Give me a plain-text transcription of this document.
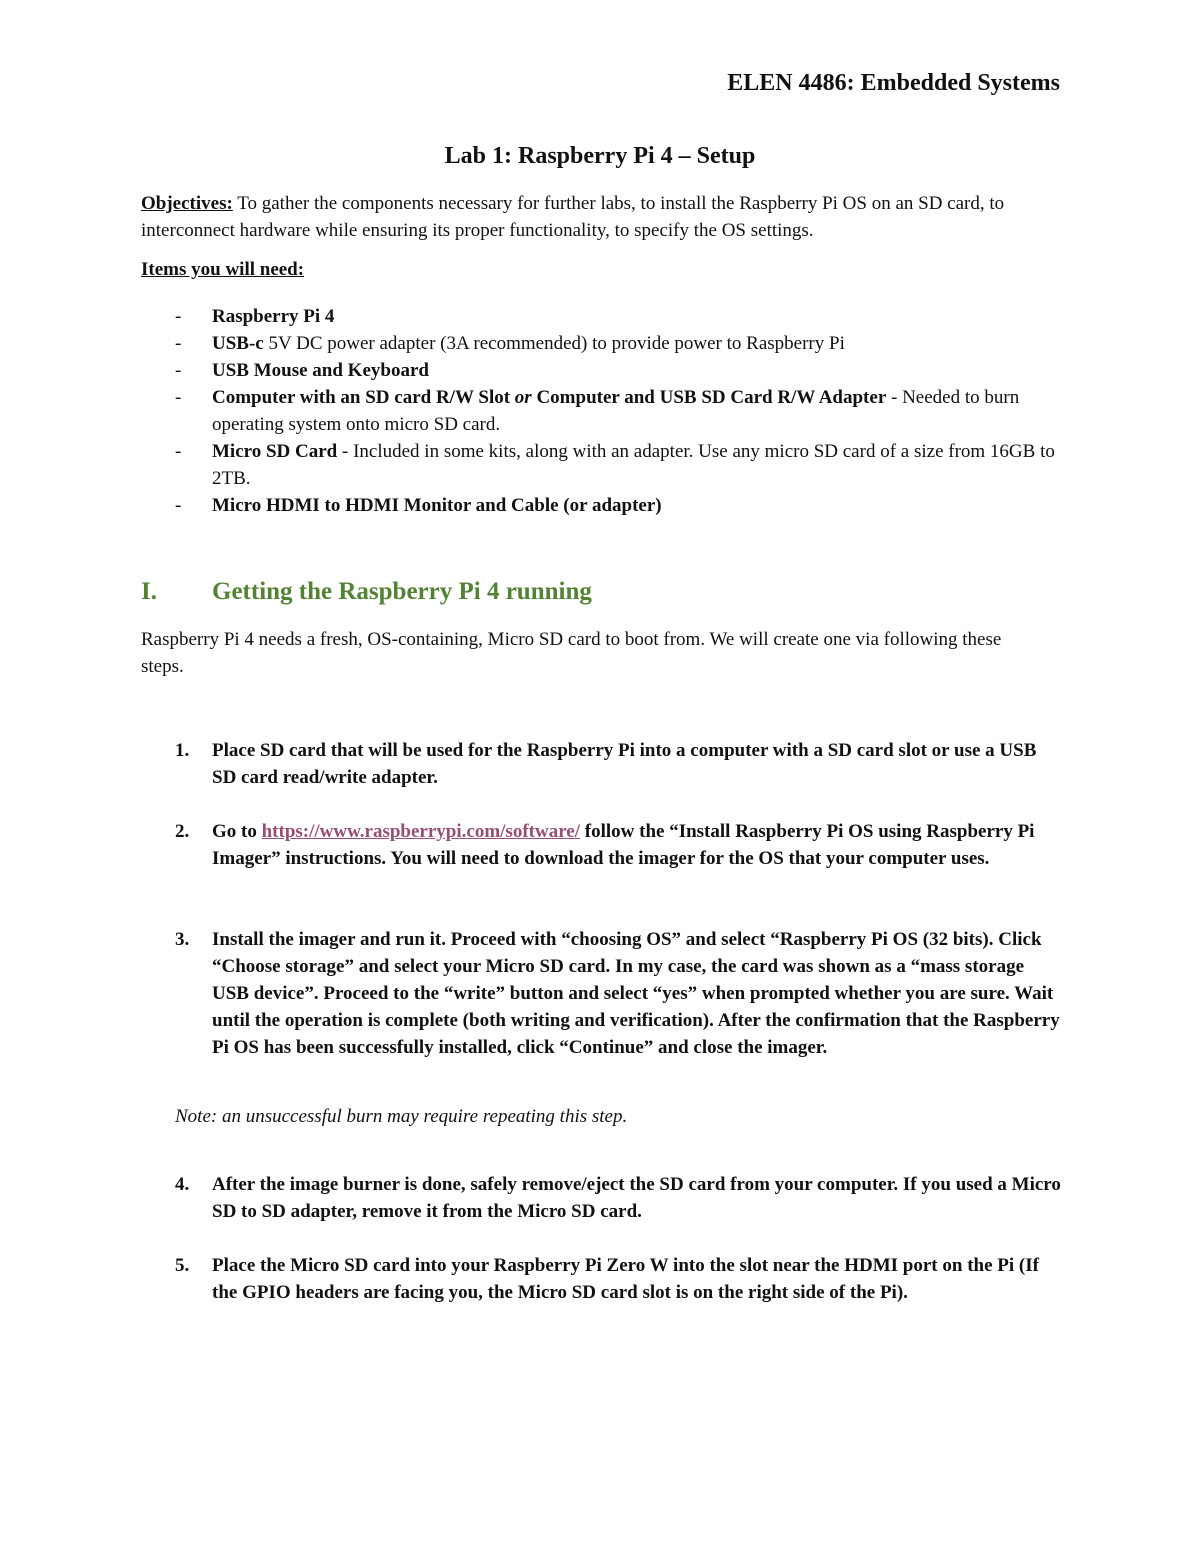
ELEN 4486: Embedded Systems
Lab 1: Raspberry Pi 4 – Setup
Objectives: To gather the components necessary for further labs, to install the Raspberry Pi OS on an SD card, to interconnect hardware while ensuring its proper functionality, to specify the OS settings.
Items you will need:
- Raspberry Pi 4
- USB-c 5V DC power adapter (3A recommended) to provide power to Raspberry Pi
- USB Mouse and Keyboard
- Computer with an SD card R/W Slot or Computer and USB SD Card R/W Adapter - Needed to burn operating system onto micro SD card.
- Micro SD Card - Included in some kits, along with an adapter. Use any micro SD card of a size from 16GB to 2TB.
- Micro HDMI to HDMI Monitor and Cable (or adapter)
I. Getting the Raspberry Pi 4 running
Raspberry Pi 4 needs a fresh, OS-containing, Micro SD card to boot from. We will create one via following these steps.
1. Place SD card that will be used for the Raspberry Pi into a computer with a SD card slot or use a USB SD card read/write adapter.
2. Go to https://www.raspberrypi.com/software/ follow the “Install Raspberry Pi OS using Raspberry Pi Imager” instructions. You will need to download the imager for the OS that your computer uses.
3. Install the imager and run it. Proceed with “choosing OS” and select “Raspberry Pi OS (32 bits). Click “Choose storage” and select your Micro SD card. In my case, the card was shown as a “mass storage USB device”. Proceed to the “write” button and select “yes” when prompted whether you are sure. Wait until the operation is complete (both writing and verification). After the confirmation that the Raspberry Pi OS has been successfully installed, click “Continue” and close the imager.
Note: an unsuccessful burn may require repeating this step.
4. After the image burner is done, safely remove/eject the SD card from your computer. If you used a Micro SD to SD adapter, remove it from the Micro SD card.
5. Place the Micro SD card into your Raspberry Pi Zero W into the slot near the HDMI port on the Pi (If the GPIO headers are facing you, the Micro SD card slot is on the right side of the Pi).
